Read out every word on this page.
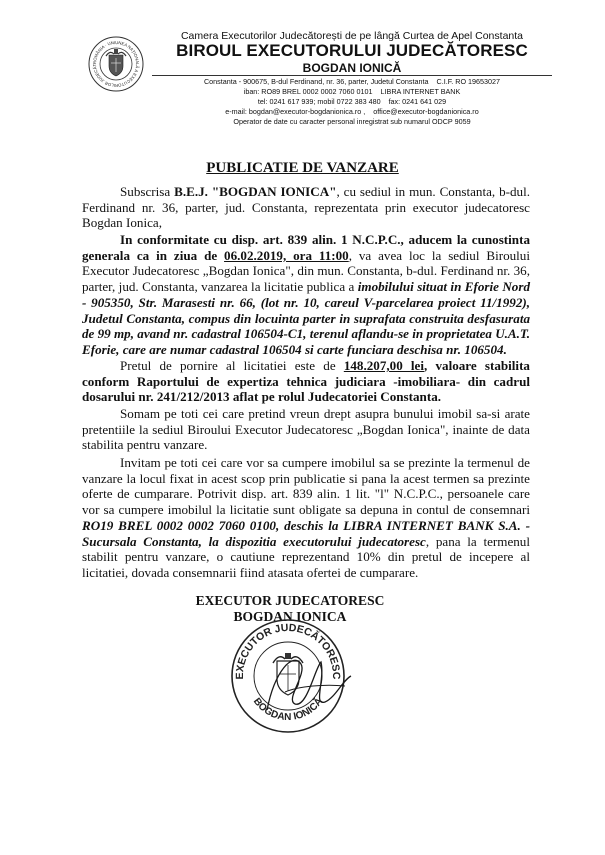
ROMÂNIA · UNIUNEA NAȚIONALĂ A EXECUTORILOR JUDECĂT
Camera Executorilor Judecătorești de pe lângă Curtea de Apel Constanta
BIROUL EXECUTORULUI JUDECĂTORESC
BOGDAN IONICĂ
Constanta - 900675, B-dul Ferdinand, nr. 36, parter, Judetul Constanta C.I.F. RO 19653027
iban: RO89 BREL 0002 0002 7060 0101 LIBRA INTERNET BANK
tel: 0241 617 939; mobil 0722 383 480 fax: 0241 641 029
e-mail: bogdan@executor-bogdanionica.ro , office@executor-bogdanionica.ro
Operator de date cu caracter personal inregistrat sub numarul ODCP 9059
PUBLICATIE DE VANZARE

Subscrisa B.E.J. "BOGDAN IONICA", cu sediul in mun. Constanta, b-dul. Ferdinand nr. 36, parter, jud. Constanta, reprezentata prin executor judecatoresc Bogdan Ionica,

In conformitate cu disp. art. 839 alin. 1 N.C.P.C., aducem la cunostinta generala ca in ziua de 06.02.2019, ora 11:00, va avea loc la sediul Biroului Executor Judecatoresc „Bogdan Ionica", din mun. Constanta, b-dul. Ferdinand nr. 36, parter, jud. Constanta, vanzarea la licitatie publica a imobilului situat in Eforie Nord - 905350, Str. Marasesti nr. 66, (lot nr. 10, careul V-parcelarea proiect 11/1992), Judetul Constanta, compus din locuinta parter in suprafata construita desfasurata de 99 mp, avand nr. cadastral 106504-C1, terenul aflandu-se in proprietatea U.A.T. Eforie, care are numar cadastral 106504 si carte funciara deschisa nr. 106504.

Pretul de pornire al licitatiei este de 148.207,00 lei, valoare stabilita conform Raportului de expertiza tehnica judiciara -imobiliara- din cadrul dosarului nr. 241/212/2013 aflat pe rolul Judecatoriei Constanta.

Somam pe toti cei care pretind vreun drept asupra bunului imobil sa-si arate pretentiile la sediul Biroului Executor Judecatoresc „Bogdan Ionica", inainte de data stabilita pentru vanzare.

Invitam pe toti cei care vor sa cumpere imobilul sa se prezinte la termenul de vanzare la locul fixat in acest scop prin publicatie si pana la acest termen sa prezinte oferte de cumparare. Potrivit disp. art. 839 alin. 1 lit. "l" N.C.P.C., persoanele care vor sa cumpere imobilul la licitatie sunt obligate sa depuna in contul de consemnari RO19 BREL 0002 0002 7060 0100, deschis la LIBRA INTERNET BANK S.A. - Sucursala Constanta, la dispozitia executorului judecatoresc, pana la termenul stabilit pentru vanzare, o cautiune reprezentand 10% din pretul de incepere al licitatiei, dovada consemnarii fiind atasata ofertei de cumparare.

EXECUTOR JUDECATORESC
BOGDAN IONICA
EXECUTOR JUDECĂTORESC
BOGDAN IONICĂ
